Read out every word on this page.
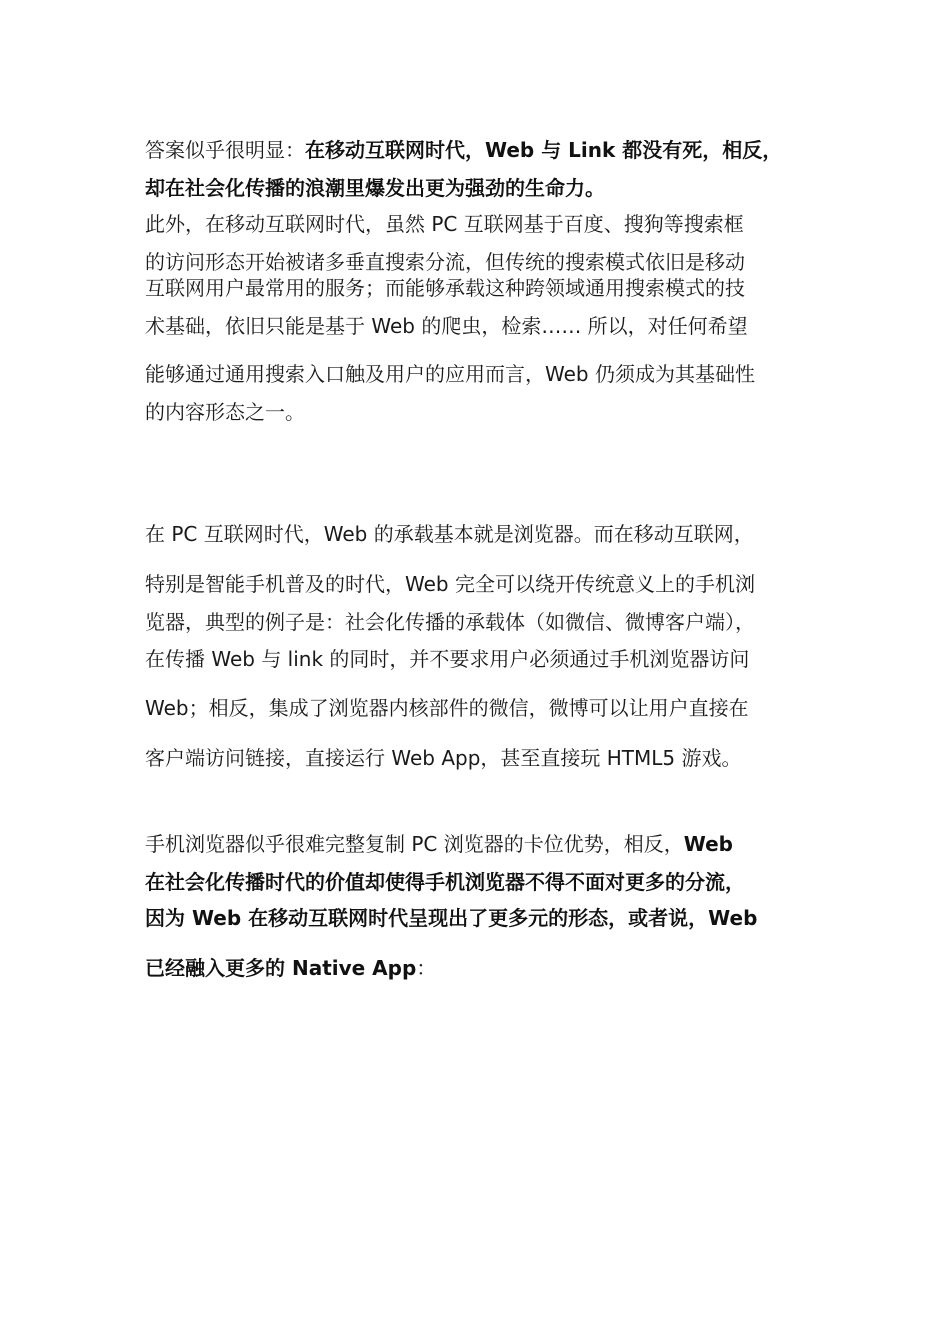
答案似乎很明显：在移动互联网时代，Web 与 Link 都没有死，相反，
却在社会化传播的浪潮里爆发出更为强劲的生命力。
此外，在移动互联网时代，虽然 PC 互联网基于百度、搜狗等搜索框
的访问形态开始被诸多垂直搜索分流，但传统的搜索模式依旧是移动
互联网用户最常用的服务；而能够承载这种跨领域通用搜索模式的技
术基础，依旧只能是基于 Web 的爬虫，检索…… 所以，对任何希望
能够通过通用搜索入口触及用户的应用而言，Web 仍须成为其基础性
的内容形态之一。
在 PC 互联网时代，Web 的承载基本就是浏览器。而在移动互联网，
特别是智能手机普及的时代，Web 完全可以绕开传统意义上的手机浏
览器，典型的例子是：社会化传播的承载体（如微信、微博客户端），
在传播 Web 与 link 的同时，并不要求用户必须通过手机浏览器访问
Web；相反，集成了浏览器内核部件的微信，微博可以让用户直接在
客户端访问链接，直接运行 Web App，甚至直接玩 HTML5 游戏。
手机浏览器似乎很难完整复制 PC 浏览器的卡位优势，相反，Web
在社会化传播时代的价值却使得手机浏览器不得不面对更多的分流，
因为 Web 在移动互联网时代呈现出了更多元的形态，或者说，Web
已经融入更多的 Native App：
